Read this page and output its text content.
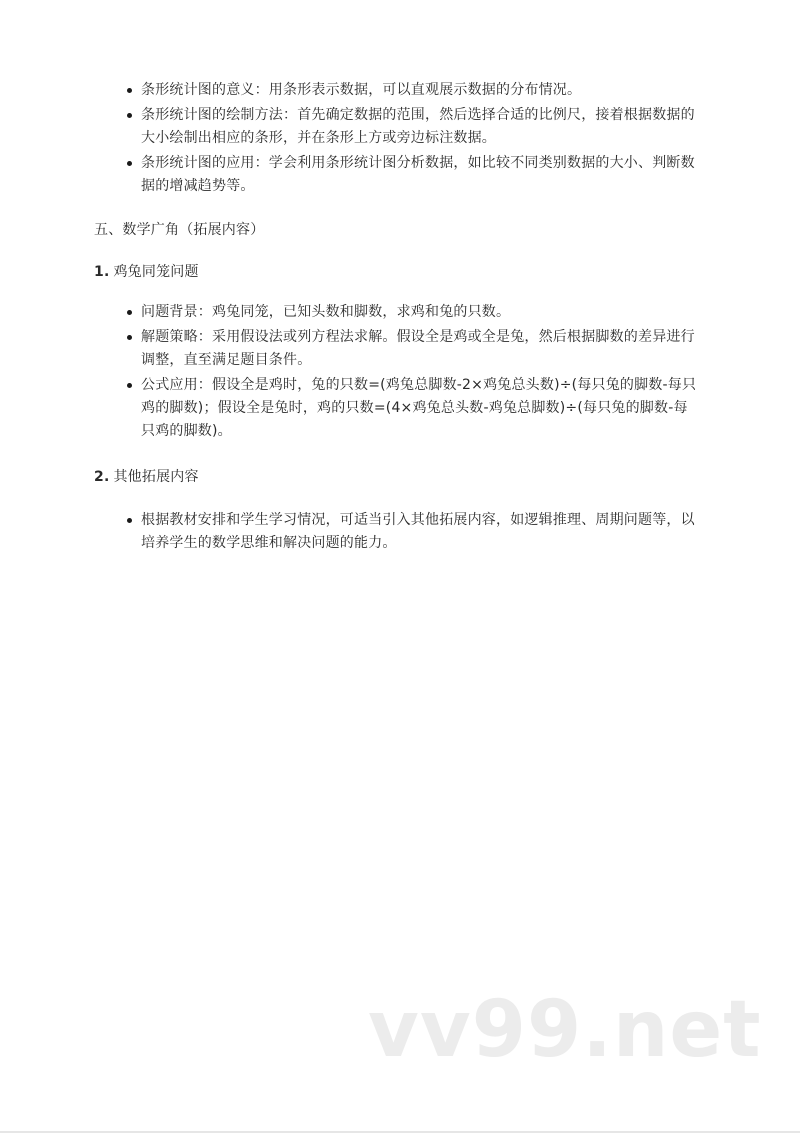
条形统计图的意义：用条形表示数据，可以直观展示数据的分布情况。
条形统计图的绘制方法：首先确定数据的范围，然后选择合适的比例尺，接着根据数据的大小绘制出相应的条形，并在条形上方或旁边标注数据。
条形统计图的应用：学会利用条形统计图分析数据，如比较不同类别数据的大小、判断数据的增减趋势等。
五、数学广角（拓展内容）
1. 鸡兔同笼问题
问题背景：鸡兔同笼，已知头数和脚数，求鸡和兔的只数。
解题策略：采用假设法或列方程法求解。假设全是鸡或全是兔，然后根据脚数的差异进行调整，直至满足题目条件。
公式应用：假设全是鸡时，兔的只数=(鸡兔总脚数-2×鸡兔总头数)÷(每只兔的脚数-每只鸡的脚数)；假设全是兔时，鸡的只数=(4×鸡兔总头数-鸡兔总脚数)÷(每只兔的脚数-每只鸡的脚数)。
2. 其他拓展内容
根据教材安排和学生学习情况，可适当引入其他拓展内容，如逻辑推理、周期问题等，以培养学生的数学思维和解决问题的能力。
vv99.net
